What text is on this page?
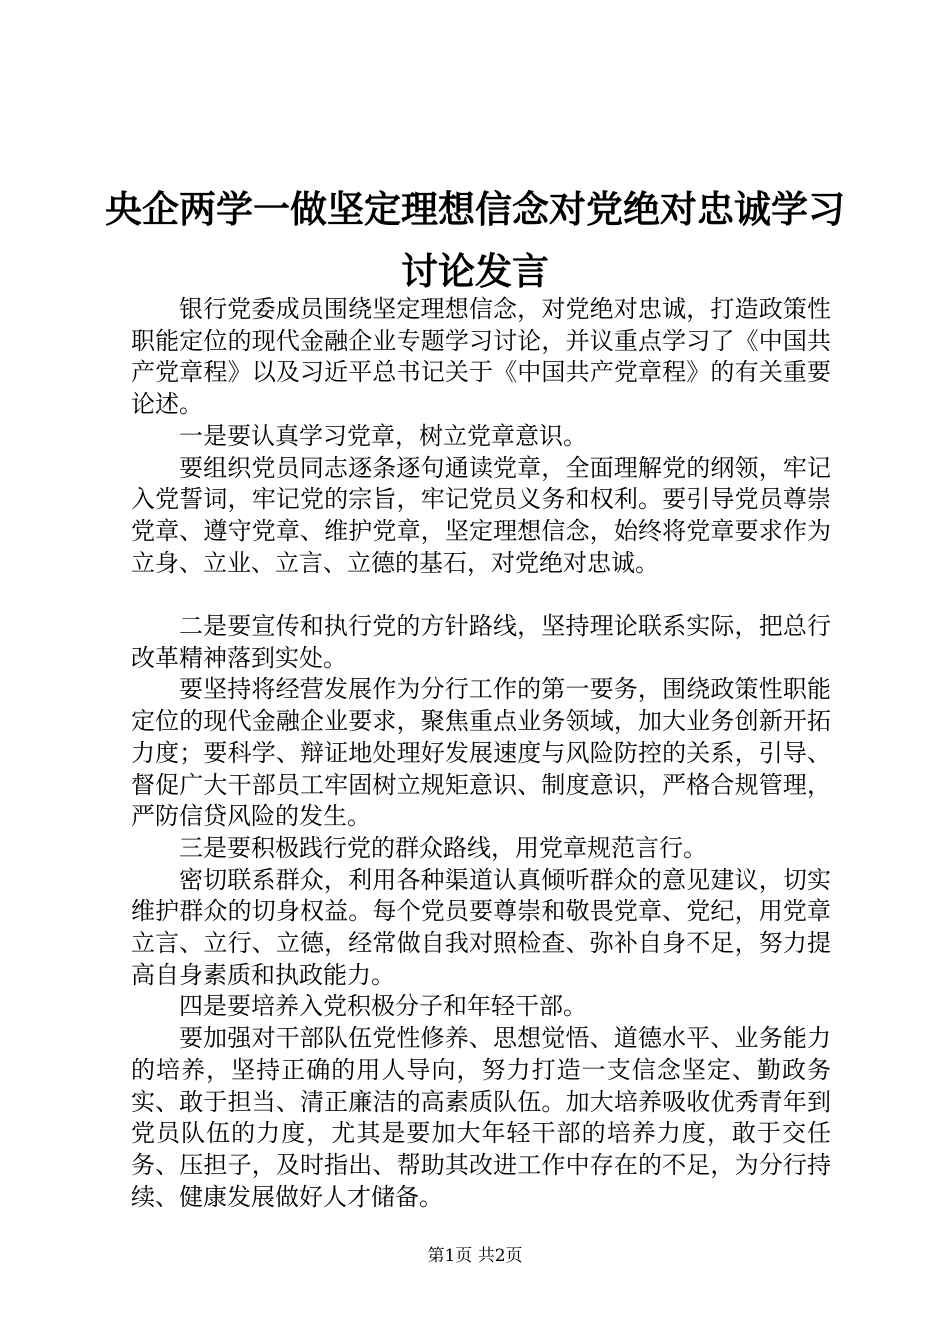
央企两学一做坚定理想信念对党绝对忠诚学习
讨论发言

银行党委成员围绕坚定理想信念，对党绝对忠诚，打造政策性职能定位的现代金融企业专题学习讨论，并议重点学习了《中国共产党章程》以及习近平总书记关于《中国共产党章程》的有关重要论述。

一是要认真学习党章，树立党章意识。

要组织党员同志逐条逐句通读党章，全面理解党的纲领，牢记入党誓词，牢记党的宗旨，牢记党员义务和权利。要引导党员尊崇党章、遵守党章、维护党章，坚定理想信念，始终将党章要求作为立身、立业、立言、立德的基石，对党绝对忠诚。

二是要宣传和执行党的方针路线，坚持理论联系实际，把总行改革精神落到实处。

要坚持将经营发展作为分行工作的第一要务，围绕政策性职能定位的现代金融企业要求，聚焦重点业务领域，加大业务创新开拓力度；要科学、辩证地处理好发展速度与风险防控的关系，引导、督促广大干部员工牢固树立规矩意识、制度意识，严格合规管理，严防信贷风险的发生。

三是要积极践行党的群众路线，用党章规范言行。

密切联系群众，利用各种渠道认真倾听群众的意见建议，切实维护群众的切身权益。每个党员要尊崇和敬畏党章、党纪，用党章立言、立行、立德，经常做自我对照检查、弥补自身不足，努力提高自身素质和执政能力。

四是要培养入党积极分子和年轻干部。

要加强对干部队伍党性修养、思想觉悟、道德水平、业务能力的培养，坚持正确的用人导向，努力打造一支信念坚定、勤政务实、敢于担当、清正廉洁的高素质队伍。加大培养吸收优秀青年到党员队伍的力度，尤其是要加大年轻干部的培养力度，敢于交任务、压担子，及时指出、帮助其改进工作中存在的不足，为分行持续、健康发展做好人才储备。

第1页 共2页
